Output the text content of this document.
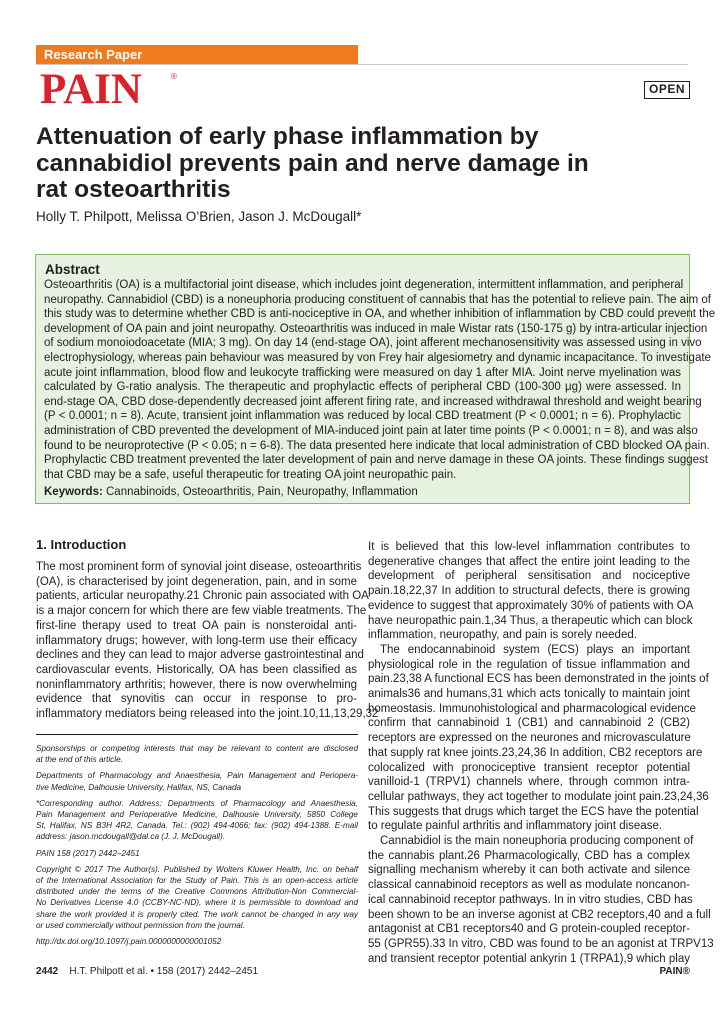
Research Paper
PAIN	®
OPEN
Attenuation of early phase inflammation by
cannabidiol prevents pain and nerve damage in
rat osteoarthritis
Holly T. Philpott, Melissa O’Brien, Jason J. McDougall*
Abstract
Osteoarthritis (OA) is a multifactorial joint disease, which includes joint degeneration, intermittent inflammation, and peripheral
neuropathy. Cannabidiol (CBD) is a noneuphoria producing constituent of cannabis that has the potential to relieve pain. The aim of
this study was to determine whether CBD is anti-nociceptive in OA, and whether inhibition of inflammation by CBD could prevent the
development of OA pain and joint neuropathy. Osteoarthritis was induced in male Wistar rats (150-175 g) by intra-articular injection
of sodium monoiodoacetate (MIA; 3 mg). On day 14 (end-stage OA), joint afferent mechanosensitivity was assessed using in vivo
electrophysiology, whereas pain behaviour was measured by von Frey hair algesiometry and dynamic incapacitance. To investigate
acute joint inflammation, blood flow and leukocyte trafficking were measured on day 1 after MIA. Joint nerve myelination was
calculated by G-ratio analysis. The therapeutic and prophylactic effects of peripheral CBD (100-300 μg) were assessed. In
end-stage OA, CBD dose-dependently decreased joint afferent firing rate, and increased withdrawal threshold and weight bearing
(P < 0.0001; n = 8). Acute, transient joint inflammation was reduced by local CBD treatment (P < 0.0001; n = 6). Prophylactic
administration of CBD prevented the development of MIA-induced joint pain at later time points (P < 0.0001; n = 8), and was also
found to be neuroprotective (P < 0.05; n = 6-8). The data presented here indicate that local administration of CBD blocked OA pain.
Prophylactic CBD treatment prevented the later development of pain and nerve damage in these OA joints. These findings suggest
that CBD may be a safe, useful therapeutic for treating OA joint neuropathic pain.
Keywords: Cannabinoids, Osteoarthritis, Pain, Neuropathy, Inflammation
1. Introduction
The most prominent form of synovial joint disease, osteoarthritis
(OA), is characterised by joint degeneration, pain, and in some
patients, articular neuropathy.21 Chronic pain associated with OA
is a major concern for which there are few viable treatments. The
first-line therapy used to treat OA pain is nonsteroidal anti-
inflammatory drugs; however, with long-term use their efficacy
declines and they can lead to major adverse gastrointestinal and
cardiovascular events. Historically, OA has been classified as
noninflammatory arthritis; however, there is now overwhelming
evidence that synovitis can occur in response to pro-
inflammatory mediators being released into the joint.10,11,13,29,32
It is believed that this low-level inflammation contributes to
degenerative changes that affect the entire joint leading to the
development of peripheral sensitisation and nociceptive
pain.18,22,37 In addition to structural defects, there is growing
evidence to suggest that approximately 30% of patients with OA
have neuropathic pain.1,34 Thus, a therapeutic which can block
inflammation, neuropathy, and pain is sorely needed.
The endocannabinoid system (ECS) plays an important
physiological role in the regulation of tissue inflammation and
pain.23,38 A functional ECS has been demonstrated in the joints of
animals36 and humans,31 which acts tonically to maintain joint
homeostasis. Immunohistological and pharmacological evidence
confirm that cannabinoid 1 (CB1) and cannabinoid 2 (CB2)
receptors are expressed on the neurones and microvasculature
that supply rat knee joints.23,24,36 In addition, CB2 receptors are
colocalized with pronociceptive transient receptor potential
vanilloid-1 (TRPV1) channels where, through common intra-
cellular pathways, they act together to modulate joint pain.23,24,36
This suggests that drugs which target the ECS have the potential
to regulate painful arthritis and inflammatory joint disease.
Cannabidiol is the main noneuphoria producing component of
the cannabis plant.26 Pharmacologically, CBD has a complex
signalling mechanism whereby it can both activate and silence
classical cannabinoid receptors as well as modulate noncanon-
ical cannabinoid receptor pathways. In in vitro studies, CBD has
been shown to be an inverse agonist at CB2 receptors,40 and a full
antagonist at CB1 receptors40 and G protein-coupled receptor-
55 (GPR55).33 In vitro, CBD was found to be an agonist at TRPV13
and transient receptor potential ankyrin 1 (TRPA1),9 which play
Sponsorships or competing interests that may be relevant to content are disclosed
at the end of this article.
Departments of Pharmacology and Anaesthesia, Pain Management and Periopera-
tive Medicine, Dalhousie University, Halifax, NS, Canada
*Corresponding author. Address: Departments of Pharmacology and Anaesthesia,
Pain Management and Perioperative Medicine, Dalhousie University, 5850 College
St, Halifax, NS B3H 4R2, Canada. Tel.: (902) 494-4066; fax: (902) 494-1388. E-mail
address: jason.mcdougall@dal.ca (J. J. McDougall).
PAIN 158 (2017) 2442–2451
Copyright © 2017 The Author(s). Published by Wolters Kluwer Health, Inc. on behalf
of the International Association for the Study of Pain. This is an open-access article
distributed under the terms of the Creative Commons Attribution-Non Commercial-
No Derivatives License 4.0 (CCBY-NC-ND), where it is permissible to download and
share the work provided it is properly cited. The work cannot be changed in any way
or used commercially without permission from the journal.
http://dx.doi.org/10.1097/j.pain.0000000000001052
2442 H.T. Philpott et al. • 158 (2017) 2442–2451	PAIN®
